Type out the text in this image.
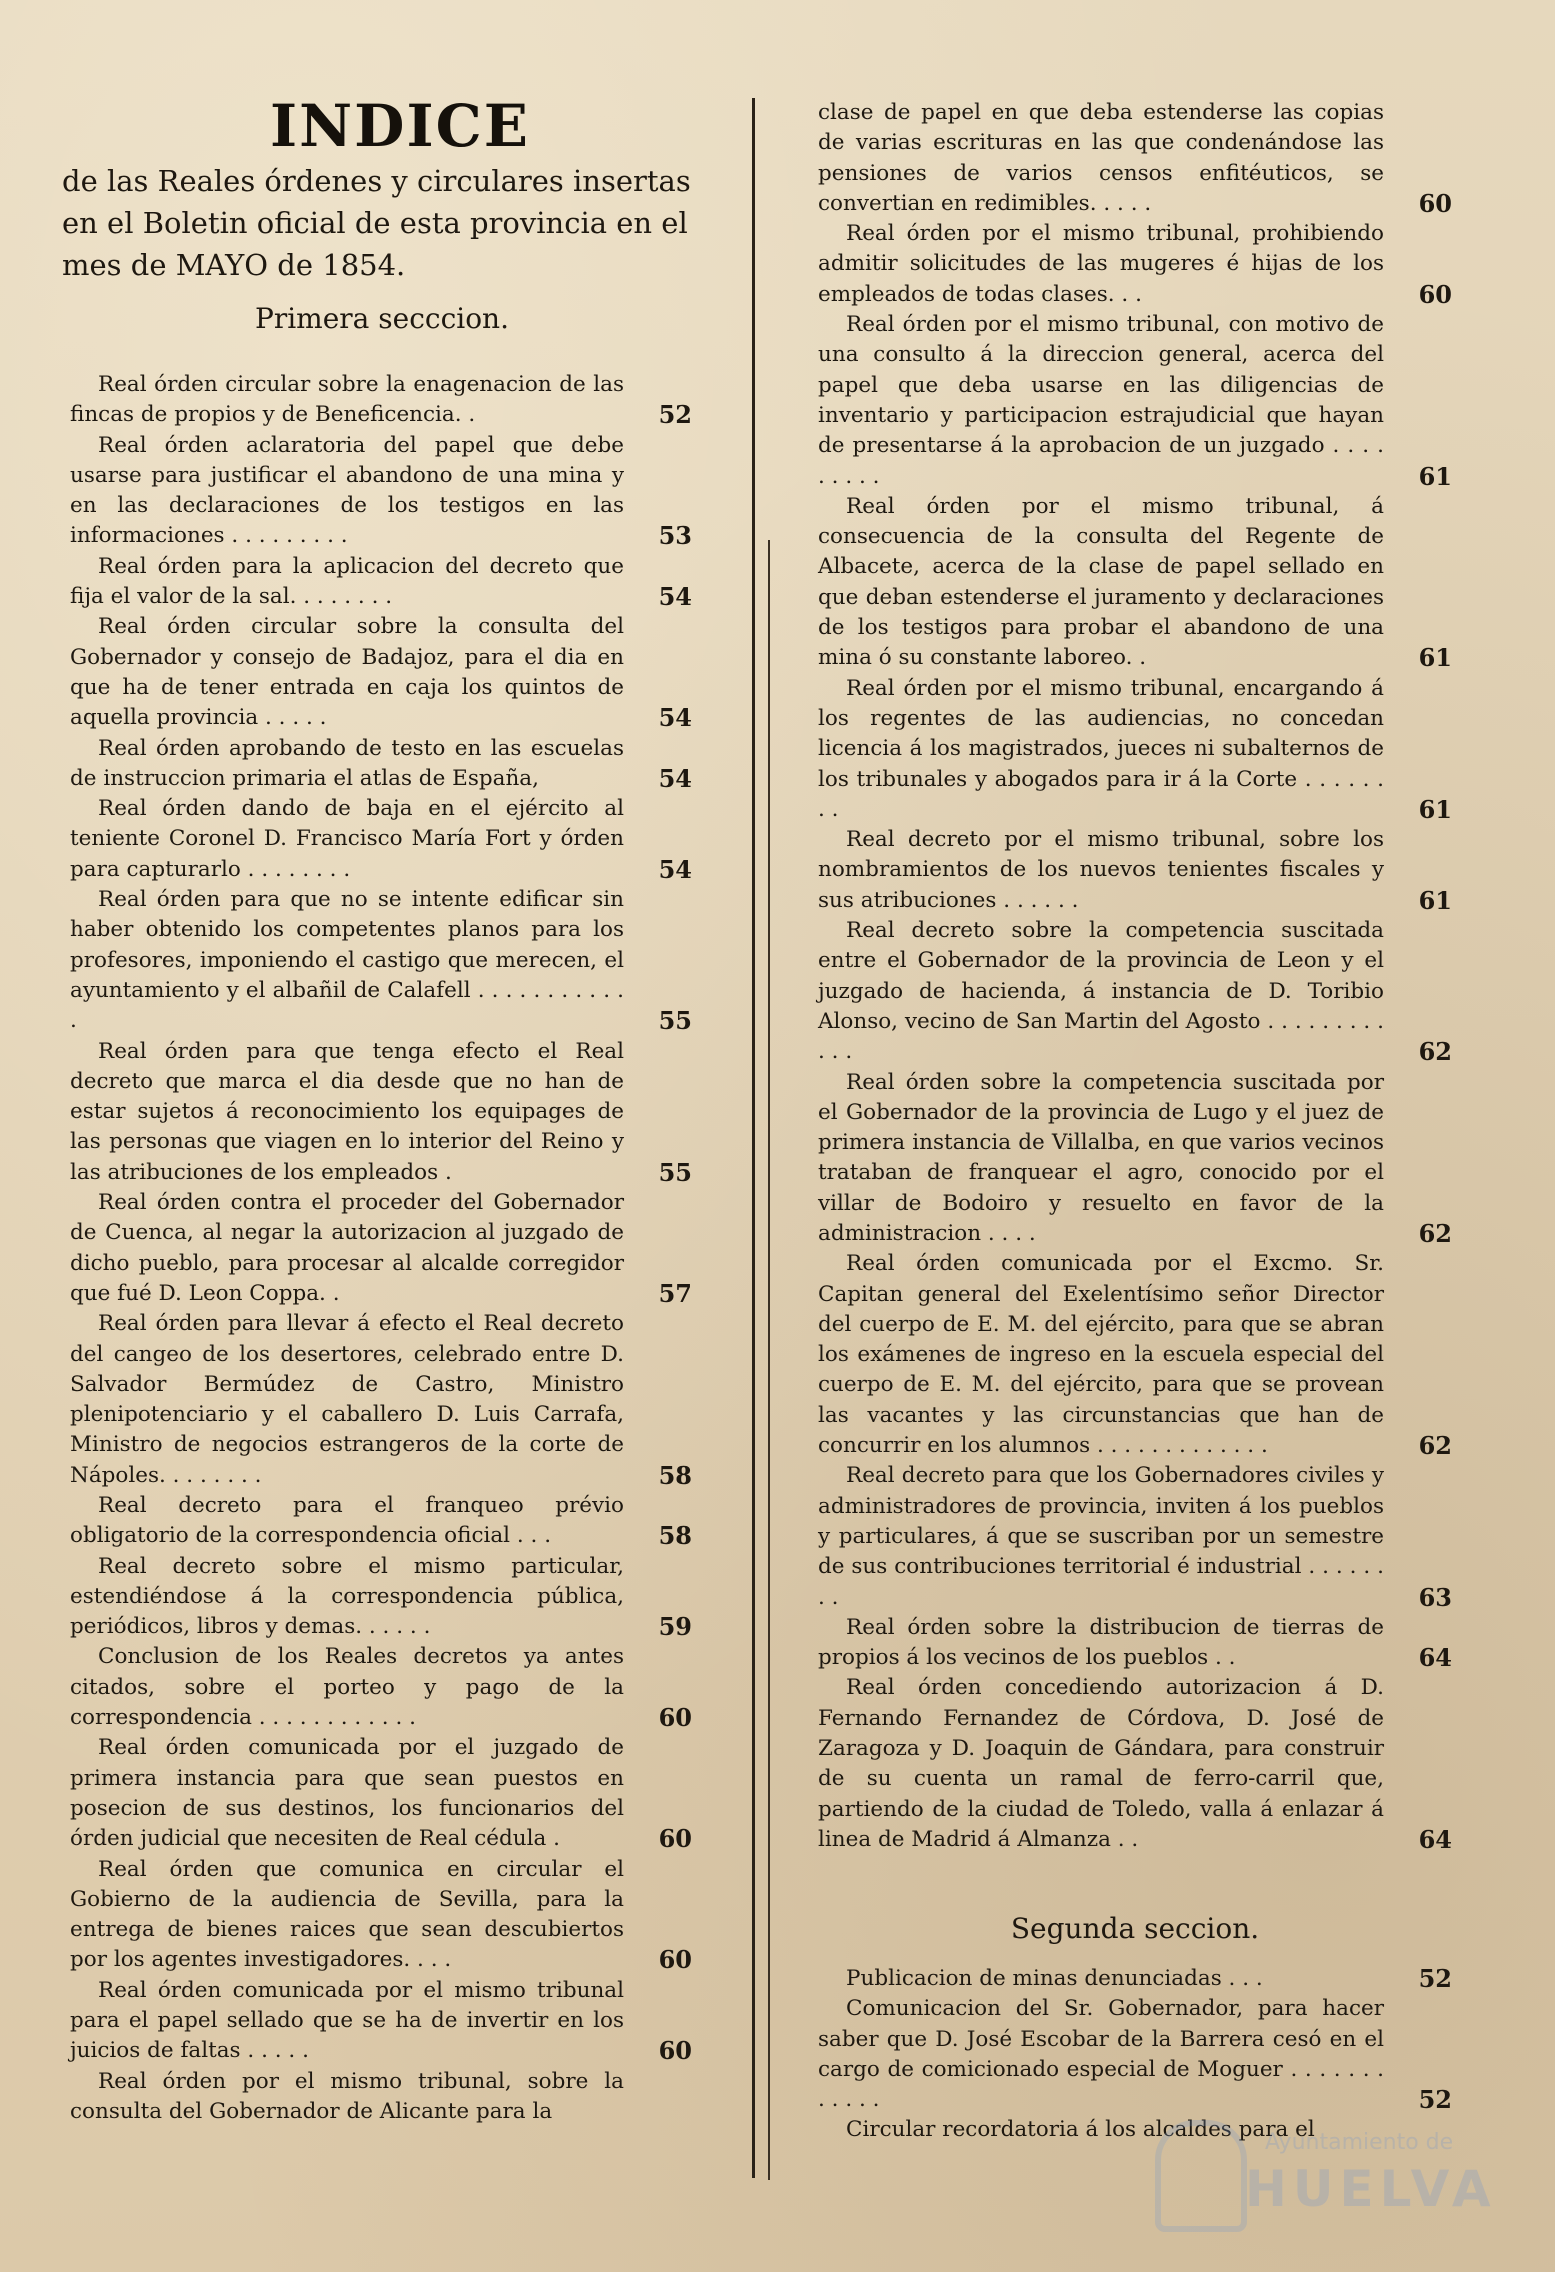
INDICE

de las Reales órdenes y circulares insertas en el Boletin oficial de esta provincia en el mes de MAYO de 1854.

Primera secccion.

Real órden circular sobre la enagenacion de las fincas de propios y de Beneficencia. .	52
Real órden aclaratoria del papel que debe usarse para justificar el abandono de una mina y en las declaraciones de los testigos en las informaciones . . . . . . . . .	53
Real órden para la aplicacion del decreto que fija el valor de la sal. . . . . . . .	54
Real órden circular sobre la consulta del Gobernador y consejo de Badajoz, para el dia en que ha de tener entrada en caja los quintos de aquella provincia . . . . .	54
Real órden aprobando de testo en las escuelas de instruccion primaria el atlas de España,	54
Real órden dando de baja en el ejército al teniente Coronel D. Francisco María Fort y órden para capturarlo . . . . . . . .	54
Real órden para que no se intente edificar sin haber obtenido los competentes planos para los profesores, imponiendo el castigo que merecen, el ayuntamiento y el albañil de Calafell . . . . . . . . . . . .	55
Real órden para que tenga efecto el Real decreto que marca el dia desde que no han de estar sujetos á reconocimiento los equipages de las personas que viagen en lo interior del Reino y las atribuciones de los empleados .	55
Real órden contra el proceder del Gobernador de Cuenca, al negar la autorizacion al juzgado de dicho pueblo, para procesar al alcalde corregidor que fué D. Leon Coppa. .	57
Real órden para llevar á efecto el Real decreto del cangeo de los desertores, celebrado entre D. Salvador Bermúdez de Castro, Ministro plenipotenciario y el caballero D. Luis Carrafa, Ministro de negocios estrangeros de la corte de Nápoles. . . . . . . .	58
Real decreto para el franqueo prévio obligatorio de la correspondencia oficial . . .	58
Real decreto sobre el mismo particular, estendiéndose á la correspondencia pública, periódicos, libros y demas. . . . . .	59
Conclusion de los Reales decretos ya antes citados, sobre el porteo y pago de la correspondencia . . . . . . . . . . . .	60
Real órden comunicada por el juzgado de primera instancia para que sean puestos en posecion de sus destinos, los funcionarios del órden judicial que necesiten de Real cédula .	60
Real órden que comunica en circular el Gobierno de la audiencia de Sevilla, para la entrega de bienes raices que sean descubiertos por los agentes investigadores. . . .	60
Real órden comunicada por el mismo tribunal para el papel sellado que se ha de invertir en los juicios de faltas . . . . .	60
Real órden por el mismo tribunal, sobre la consulta del Gobernador de Alicante para la
clase de papel en que deba estenderse las copias de varias escrituras en las que condenándose las pensiones de varios censos enfitéuticos, se convertian en redimibles. . . . .	60
Real órden por el mismo tribunal, prohibiendo admitir solicitudes de las mugeres é hijas de los empleados de todas clases. . .	60
Real órden por el mismo tribunal, con motivo de una consulto á la direccion general, acerca del papel que deba usarse en las diligencias de inventario y participacion estrajudicial que hayan de presentarse á la aprobacion de un juzgado . . . . . . . . .	61
Real órden por el mismo tribunal, á consecuencia de la consulta del Regente de Albacete, acerca de la clase de papel sellado en que deban estenderse el juramento y declaraciones de los testigos para probar el abandono de una mina ó su constante laboreo. .	61
Real órden por el mismo tribunal, encargando á los regentes de las audiencias, no concedan licencia á los magistrados, jueces ni subalternos de los tribunales y abogados para ir á la Corte . . . . . . . .	61
Real decreto por el mismo tribunal, sobre los nombramientos de los nuevos tenientes fiscales y sus atribuciones . . . . . .	61
Real decreto sobre la competencia suscitada entre el Gobernador de la provincia de Leon y el juzgado de hacienda, á instancia de D. Toribio Alonso, vecino de San Martin del Agosto . . . . . . . . . . . .	62
Real órden sobre la competencia suscitada por el Gobernador de la provincia de Lugo y el juez de primera instancia de Villalba, en que varios vecinos trataban de franquear el agro, conocido por el villar de Bodoiro y resuelto en favor de la administracion . . . .	62
Real órden comunicada por el Excmo. Sr. Capitan general del Exelentísimo señor Director del cuerpo de E. M. del ejército, para que se abran los exámenes de ingreso en la escuela especial del cuerpo de E. M. del ejército, para que se provean las vacantes y las circunstancias que han de concurrir en los alumnos . . . . . . . . . . . . .	62
Real decreto para que los Gobernadores civiles y administradores de provincia, inviten á los pueblos y particulares, á que se suscriban por un semestre de sus contribuciones territorial é industrial . . . . . . . .	63
Real órden sobre la distribucion de tierras de propios á los vecinos de los pueblos . .	64
Real órden concediendo autorizacion á D. Fernando Fernandez de Córdova, D. José de Zaragoza y D. Joaquin de Gándara, para construir de su cuenta un ramal de ferro-carril que, partiendo de la ciudad de Toledo, valla á enlazar á linea de Madrid á Almanza . .	64

Segunda seccion.

Publicacion de minas denunciadas . . .	52
Comunicacion del Sr. Gobernador, para hacer saber que D. José Escobar de la Barrera cesó en el cargo de comicionado especial de Moguer . . . . . . . . . . . .	52
Circular recordatoria á los alcaldes para el
Ayuntamiento de
HUELVA
